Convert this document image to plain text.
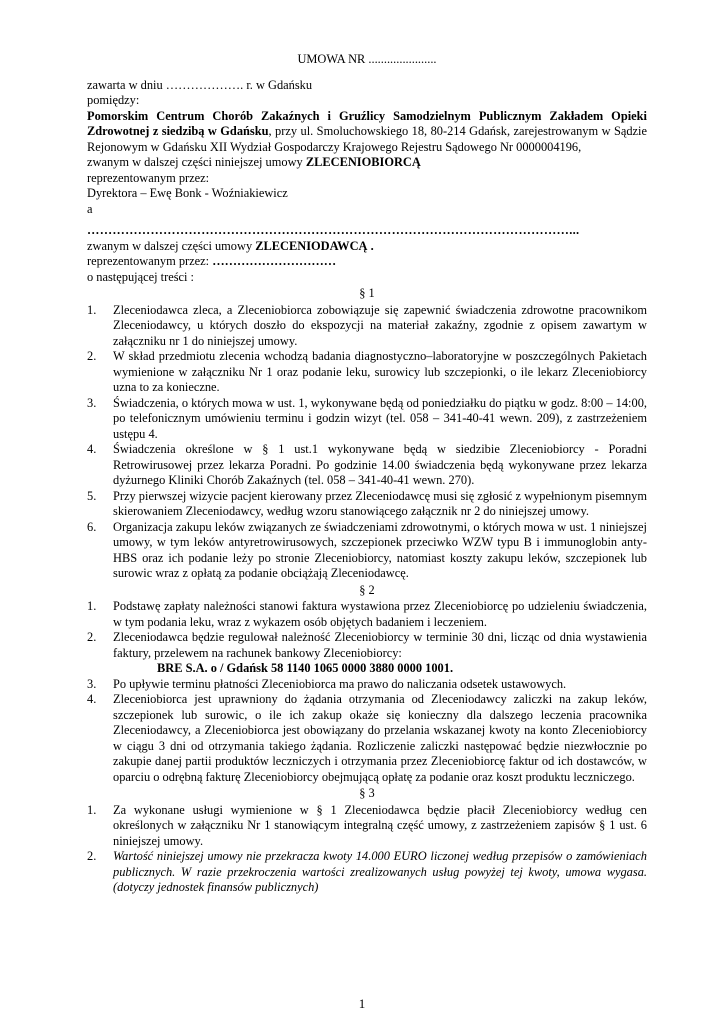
UMOWA NR ......................

zawarta w dniu ………………. r. w Gdańsku

pomiędzy:

Pomorskim Centrum Chorób Zakaźnych i Gruźlicy Samodzielnym Publicznym Zakładem Opieki Zdrowotnej z siedzibą w Gdańsku, przy ul. Smoluchowskiego 18, 80-214 Gdańsk, zarejestrowanym w Sądzie Rejonowym w Gdańsku XII Wydział Gospodarczy Krajowego Rejestru Sądowego Nr 0000004196,

zwanym w dalszej części niniejszej umowy ZLECENIOBIORCĄ

reprezentowanym przez:

Dyrektora – Ewę Bonk - Woźniakiewicz

a

……………………………………………………………………………………………………...

zwanym w dalszej części umowy ZLECENIODAWCĄ .

reprezentowanym przez: …………………………

o następującej treści :

§ 1
1. Zleceniodawca zleca, a Zleceniobiorca zobowiązuje się zapewnić świadczenia zdrowotne pracownikom Zleceniodawcy, u których doszło do ekspozycji na materiał zakaźny, zgodnie z opisem zawartym w załączniku nr 1 do niniejszej umowy.
2. W skład przedmiotu zlecenia wchodzą badania diagnostyczno–laboratoryjne w poszczególnych Pakietach wymienione w załączniku Nr 1 oraz podanie leku, surowicy lub szczepionki, o ile lekarz Zleceniobiorcy uzna to za konieczne.
3. Świadczenia, o których mowa w ust. 1, wykonywane będą od poniedziałku do piątku w godz. 8:00 – 14:00, po telefonicznym umówieniu terminu i godzin wizyt (tel. 058 – 341-40-41 wewn. 209), z zastrzeżeniem ustępu 4.
4. Świadczenia określone w § 1 ust.1 wykonywane będą w siedzibie Zleceniobiorcy - Poradni Retrowirusowej przez lekarza Poradni. Po godzinie 14.00 świadczenia będą wykonywane przez lekarza dyżurnego Kliniki Chorób Zakaźnych (tel. 058 – 341-40-41 wewn. 270).
5. Przy pierwszej wizycie pacjent kierowany przez Zleceniodawcę musi się zgłosić z wypełnionym pisemnym skierowaniem Zleceniodawcy, według wzoru stanowiącego załącznik nr 2 do niniejszej umowy.
6. Organizacja zakupu leków związanych ze świadczeniami zdrowotnymi, o których mowa w ust. 1 niniejszej umowy, w tym leków antyretrowirusowych, szczepionek przeciwko WZW typu B i immunoglobin anty-HBS oraz ich podanie leży po stronie Zleceniobiorcy, natomiast koszty zakupu leków, szczepionek lub surowic wraz z opłatą za podanie obciążają Zleceniodawcę.
§ 2
1. Podstawę zapłaty należności stanowi faktura wystawiona przez Zleceniobiorcę po udzieleniu świadczenia, w tym podania leku, wraz z wykazem osób objętych badaniem i leczeniem.
2. Zleceniodawca będzie regulował należność Zleceniobiorcy w terminie 30 dni, licząc od dnia wystawienia faktury, przelewem na rachunek bankowy Zleceniobiorcy:
BRE S.A. o / Gdańsk 58 1140 1065 0000 3880 0000 1001.
3. Po upływie terminu płatności Zleceniobiorca ma prawo do naliczania odsetek ustawowych.
4. Zleceniobiorca jest uprawniony do żądania otrzymania od Zleceniodawcy zaliczki na zakup leków, szczepionek lub surowic, o ile ich zakup okaże się konieczny dla dalszego leczenia pracownika Zleceniodawcy, a Zleceniobiorca jest obowiązany do przelania wskazanej kwoty na konto Zleceniobiorcy w ciągu 3 dni od otrzymania takiego żądania. Rozliczenie zaliczki następować będzie niezwłocznie po zakupie danej partii produktów leczniczych i otrzymania przez Zleceniobiorcę faktur od ich dostawców, w oparciu o odrębną fakturę Zleceniobiorcy obejmującą opłatę za podanie oraz koszt produktu leczniczego.
§ 3
1. Za wykonane usługi wymienione w § 1 Zleceniodawca będzie płacił Zleceniobiorcy według cen określonych w załączniku Nr 1 stanowiącym integralną część umowy, z zastrzeżeniem zapisów § 1 ust. 6 niniejszej umowy.
2. Wartość niniejszej umowy nie przekracza kwoty 14.000 EURO liczonej według przepisów o zamówieniach publicznych. W razie przekroczenia wartości zrealizowanych usług powyżej tej kwoty, umowa wygasa.(dotyczy jednostek finansów publicznych)
1
